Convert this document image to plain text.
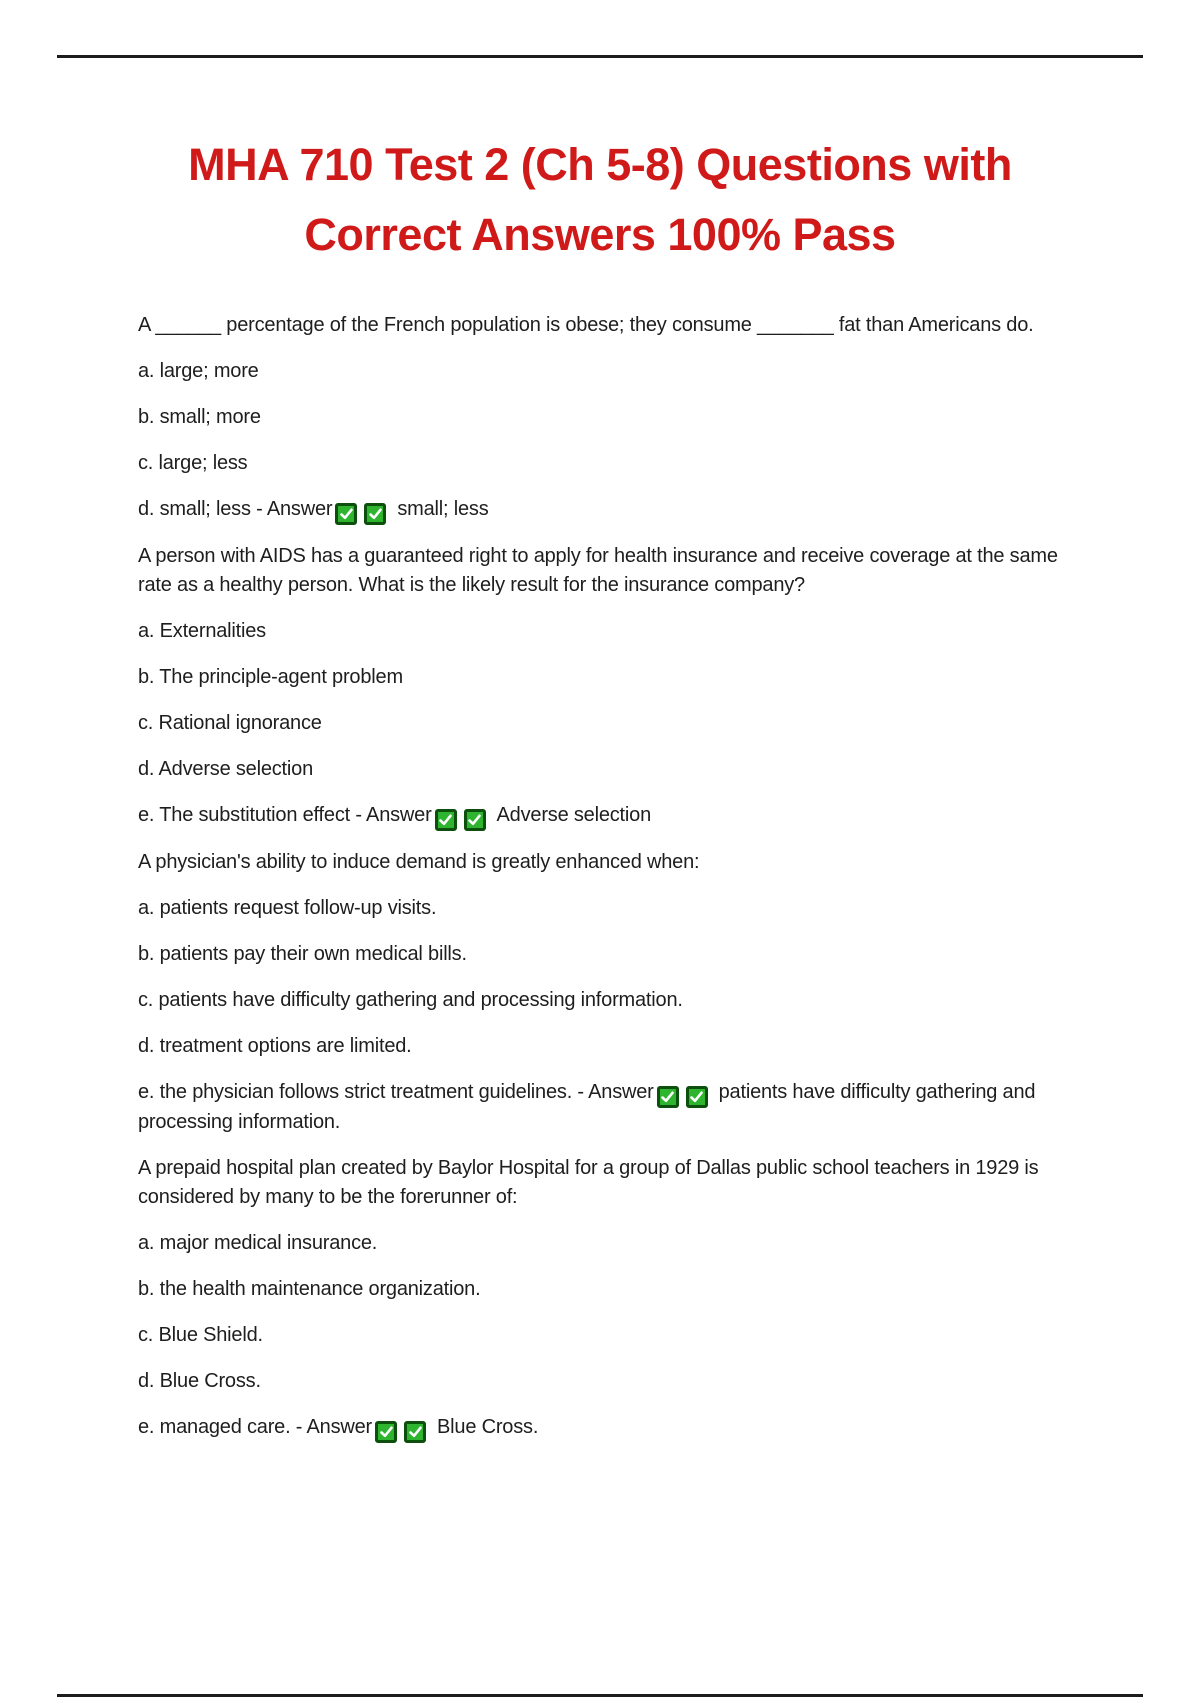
MHA 710 Test 2 (Ch 5-8) Questions with
Correct Answers 100% Pass

A ______ percentage of the French population is obese; they consume _______ fat than Americans do.

a. large; more

b. small; more

c. large; less

d. small; less - Answer	small; less

A person with AIDS has a guaranteed right to apply for health insurance and receive coverage at the same rate as a healthy person. What is the likely result for the insurance company?

a. Externalities

b. The principle-agent problem

c. Rational ignorance

d. Adverse selection

e. The substitution effect - Answer	Adverse selection

A physician's ability to induce demand is greatly enhanced when:

a. patients request follow-up visits.

b. patients pay their own medical bills.

c. patients have difficulty gathering and processing information.

d. treatment options are limited.

e. the physician follows strict treatment guidelines. - Answer	patients have difficulty gathering and processing information.

A prepaid hospital plan created by Baylor Hospital for a group of Dallas public school teachers in 1929 is considered by many to be the forerunner of:

a. major medical insurance.

b. the health maintenance organization.

c. Blue Shield.

d. Blue Cross.

e. managed care. - Answer	Blue Cross.
